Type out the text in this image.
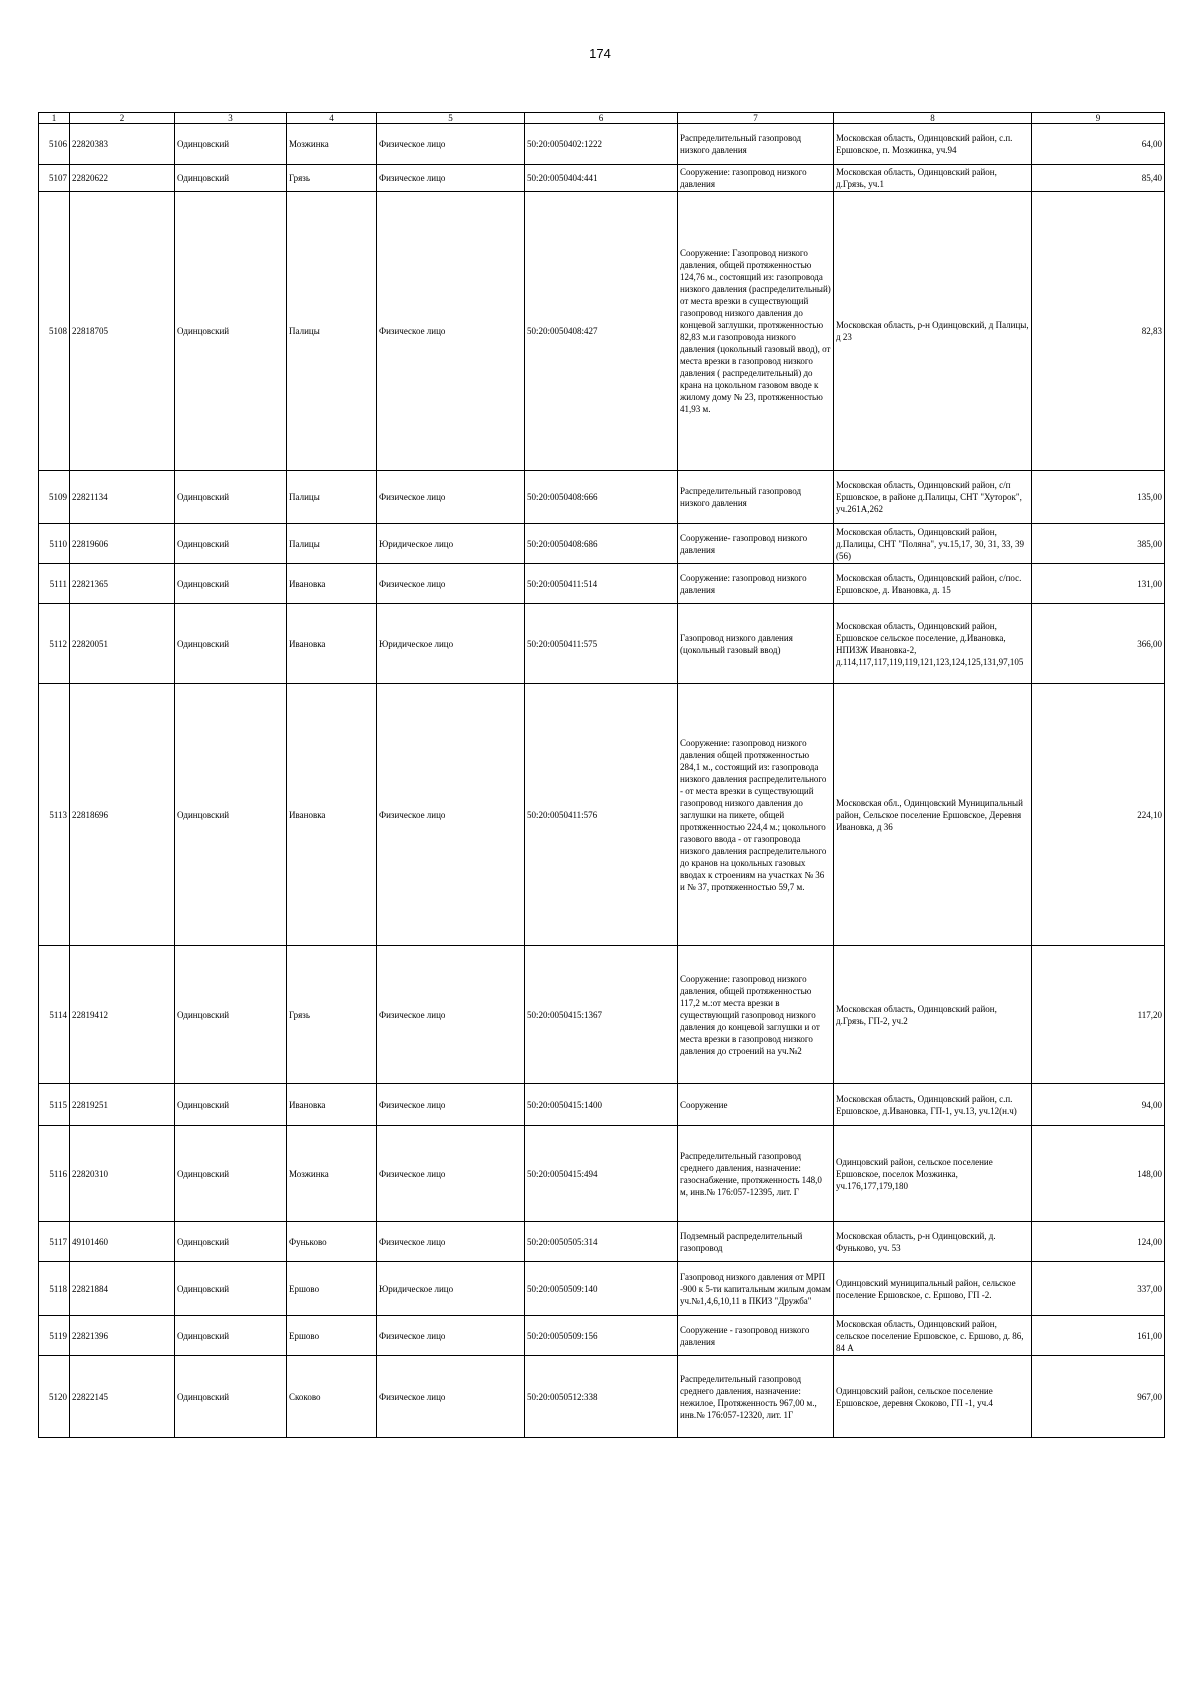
174
1	2	3	4	5	6	7	8	9
5106	22820383	Одинцовский	Мозжинка	Физическое лицо	50:20:0050402:1222	Распределительный газопровод низкого давления	Московская область, Одинцовский район, с.п. Ершовское, п. Мозжинка, уч.94	64,00
5107	22820622	Одинцовский	Грязь	Физическое лицо	50:20:0050404:441	Сооружение: газопровод низкого давления	Московская область, Одинцовский район, д.Грязь, уч.1	85,40
5108	22818705	Одинцовский	Палицы	Физическое лицо	50:20:0050408:427	Сооружение: Газопровод низкого давления, общей протяженностью 124,76 м., состоящий из: газопровода низкого давления (распределительный) от места врезки в существующий газопровод низкого давления до концевой заглушки, протяженностью 82,83 м.и газопровода низкого давления (цокольный газовый ввод), от места врезки в газопровод низкого давления ( распределительный) до крана на цокольном газовом вводе к жилому дому № 23, протяженностью 41,93 м.	Московская область, р-н Одинцовский, д Палицы, д 23	82,83
5109	22821134	Одинцовский	Палицы	Физическое лицо	50:20:0050408:666	Распределительный газопровод низкого давления	Московская область, Одинцовский район, с/п Ершовское, в районе д.Палицы, СНТ "Хуторок", уч.261А,262	135,00
5110	22819606	Одинцовский	Палицы	Юридическое лицо	50:20:0050408:686	Сооружение- газопровод низкого давления	Московская область, Одинцовский район, д.Палицы, СНТ "Поляна", уч.15,17, 30, 31, 33, 39 (56)	385,00
5111	22821365	Одинцовский	Ивановка	Физическое лицо	50:20:0050411:514	Сооружение: газопровод низкого давления	Московская область, Одинцовский район, с/пос. Ершовское, д. Ивановка, д. 15	131,00
5112	22820051	Одинцовский	Ивановка	Юридическое лицо	50:20:0050411:575	Газопровод низкого давления (цокольный газовый ввод)	Московская область, Одинцовский район, Ершовское сельское поселение, д.Ивановка, НПИЗЖ Ивановка-2, д.114,117,117,119,119,121,123,124,125,131,97,105	366,00
5113	22818696	Одинцовский	Ивановка	Физическое лицо	50:20:0050411:576	Сооружение: газопровод низкого давления общей протяженностью 284,1 м., состоящий из: газопровода низкого давления распределительного - от места врезки в существующий газопровод низкого давления до заглушки на пикете, общей протяженностью 224,4 м.; цокольного газового ввода - от газопровода низкого давления распределительного до кранов на цокольных газовых вводах к строениям на участках № 36 и № 37, протяженностью 59,7 м.	Московская обл., Одинцовский Муниципальный район, Сельское поселение Ершовское, Деревня Ивановка, д 36	224,10
5114	22819412	Одинцовский	Грязь	Физическое лицо	50:20:0050415:1367	Сооружение: газопровод низкого давления, общей протяженностью 117,2 м.:от места врезки в существующий газопровод низкого давления до концевой заглушки и от места врезки в газопровод низкого давления до строений на уч.№2	Московская область, Одинцовский район, д.Грязь, ГП-2, уч.2	117,20
5115	22819251	Одинцовский	Ивановка	Физическое лицо	50:20:0050415:1400	Сооружение	Московская область, Одинцовский район, с.п. Ершовское, д.Ивановка, ГП-1, уч.13, уч.12(н.ч)	94,00
5116	22820310	Одинцовский	Мозжинка	Физическое лицо	50:20:0050415:494	Распределительный газопровод среднего давления, назначение: газоснабжение, протяженность 148,0 м, инв.№ 176:057-12395, лит. Г	Одинцовский район, сельское поселение Ершовское, поселок Мозжинка, уч.176,177,179,180	148,00
5117	49101460	Одинцовский	Фуньково	Физическое лицо	50:20:0050505:314	Подземный распределительный газопровод	Московская область, р-н Одинцовский, д. Фуньково, уч. 53	124,00
5118	22821884	Одинцовский	Ершово	Юридическое лицо	50:20:0050509:140	Газопровод низкого давления от МРП -900 к 5-ти капитальным жилым домам уч.№1,4,6,10,11 в ПКИЗ "Дружба"	Одинцовский муниципальный район, сельское поселение Ершовское, с. Ершово, ГП -2.	337,00
5119	22821396	Одинцовский	Ершово	Физическое лицо	50:20:0050509:156	Сооружение - газопровод низкого давления	Московская область, Одинцовский район, сельское поселение Ершовское, с. Ершово, д. 86, 84 А	161,00
5120	22822145	Одинцовский	Скоково	Физическое лицо	50:20:0050512:338	Распределительный газопровод среднего давления, назначение: нежилое, Протяженность 967,00 м., инв.№ 176:057-12320, лит. 1Г	Одинцовский район, сельское поселение Ершовское, деревня Скоково, ГП -1, уч.4	967,00
